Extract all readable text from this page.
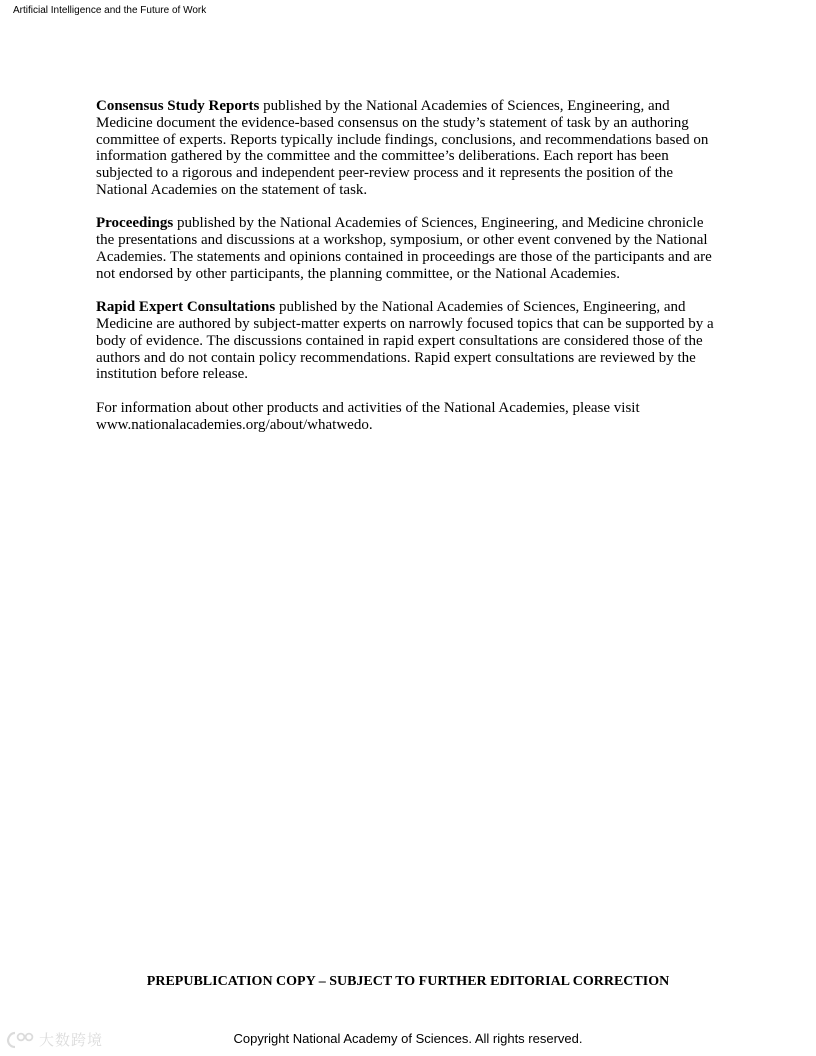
Artificial Intelligence and the Future of Work

Consensus Study Reports published by the National Academies of Sciences, Engineering, and Medicine document the evidence-based consensus on the study’s statement of task by an authoring committee of experts. Reports typically include findings, conclusions, and recommendations based on information gathered by the committee and the committee’s deliberations. Each report has been subjected to a rigorous and independent peer-review process and it represents the position of the National Academies on the statement of task.

Proceedings published by the National Academies of Sciences, Engineering, and Medicine chronicle the presentations and discussions at a workshop, symposium, or other event convened by the National Academies. The statements and opinions contained in proceedings are those of the participants and are not endorsed by other participants, the planning committee, or the National Academies.

Rapid Expert Consultations published by the National Academies of Sciences, Engineering, and Medicine are authored by subject-matter experts on narrowly focused topics that can be supported by a body of evidence. The discussions contained in rapid expert consultations are considered those of the authors and do not contain policy recommendations. Rapid expert consultations are reviewed by the institution before release.

For information about other products and activities of the National Academies, please visit www.nationalacademies.org/about/whatwedo.

PREPUBLICATION COPY – SUBJECT TO FURTHER EDITORIAL CORRECTION
Copyright National Academy of Sciences. All rights reserved.
大数跨境
